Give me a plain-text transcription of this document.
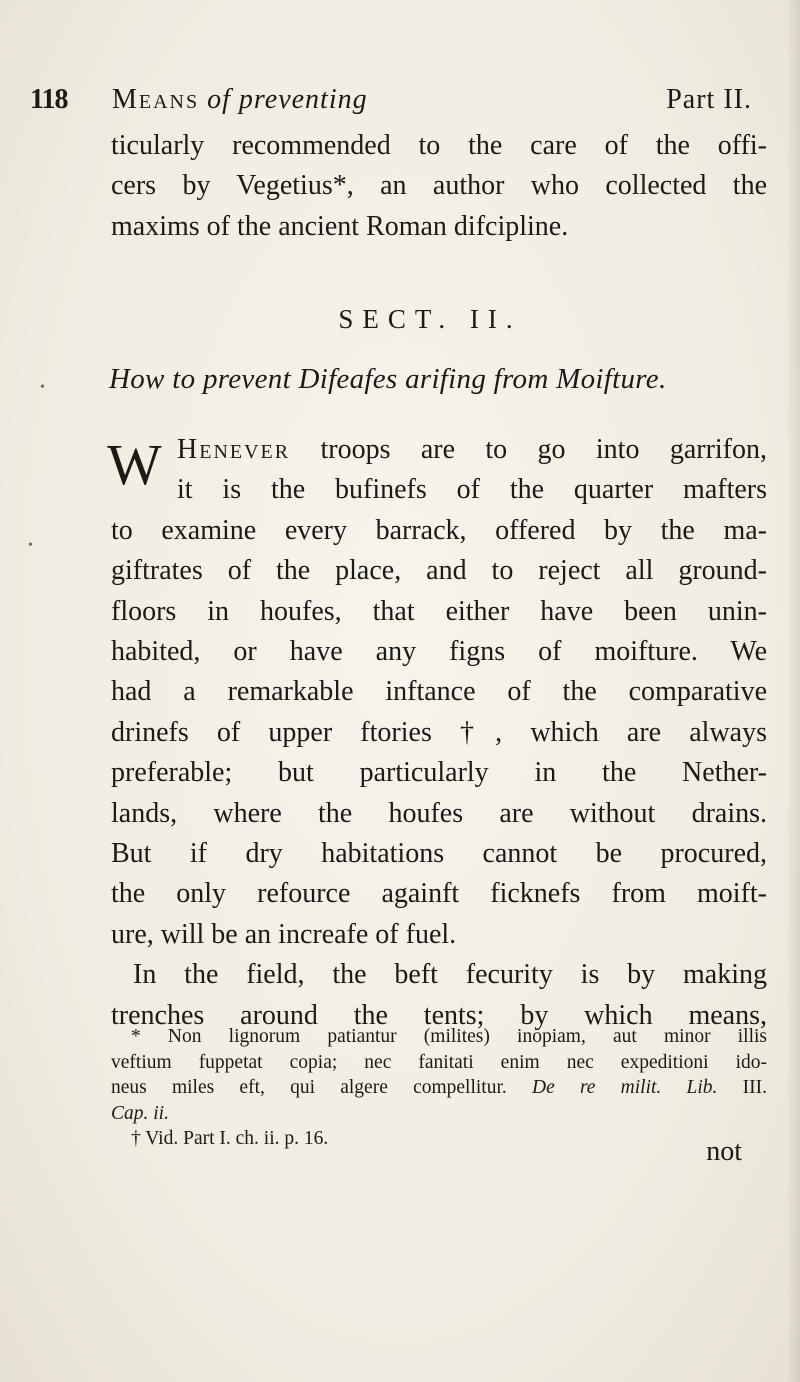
118 Means of preventing	Part II.
ticularly recommended to the care of the offi-
cers by Vegetius*, an author who collected the
maxims of the ancient Roman difcipline.
SECT. II.
How to prevent Difeafes arifing from Moifture.
W Henever troops are to go into garrifon,
it is the bufinefs of the quarter mafters
to examine every barrack, offered by the ma-
giftrates of the place, and to reject all ground-
floors in houfes, that either have been unin-
habited, or have any figns of moifture. We
had a remarkable inftance of the comparative
drinefs of upper ftories †, which are always
preferable; but particularly in the Nether-
lands, where the houfes are without drains.
But if dry habitations cannot be procured,
the only refource againft ficknefs from moift-
ure, will be an increafe of fuel.
In the field, the beft fecurity is by making
trenches around the tents; by which means,
* Non lignorum patiantur (milites) inopiam, aut minor illis
veftium fuppetat copia; nec fanitati enim nec expeditioni ido-
neus miles eft, qui algere compellitur. De re milit. Lib. III.
Cap. ii.
† Vid. Part I. ch. ii. p. 16.	not
•
•
